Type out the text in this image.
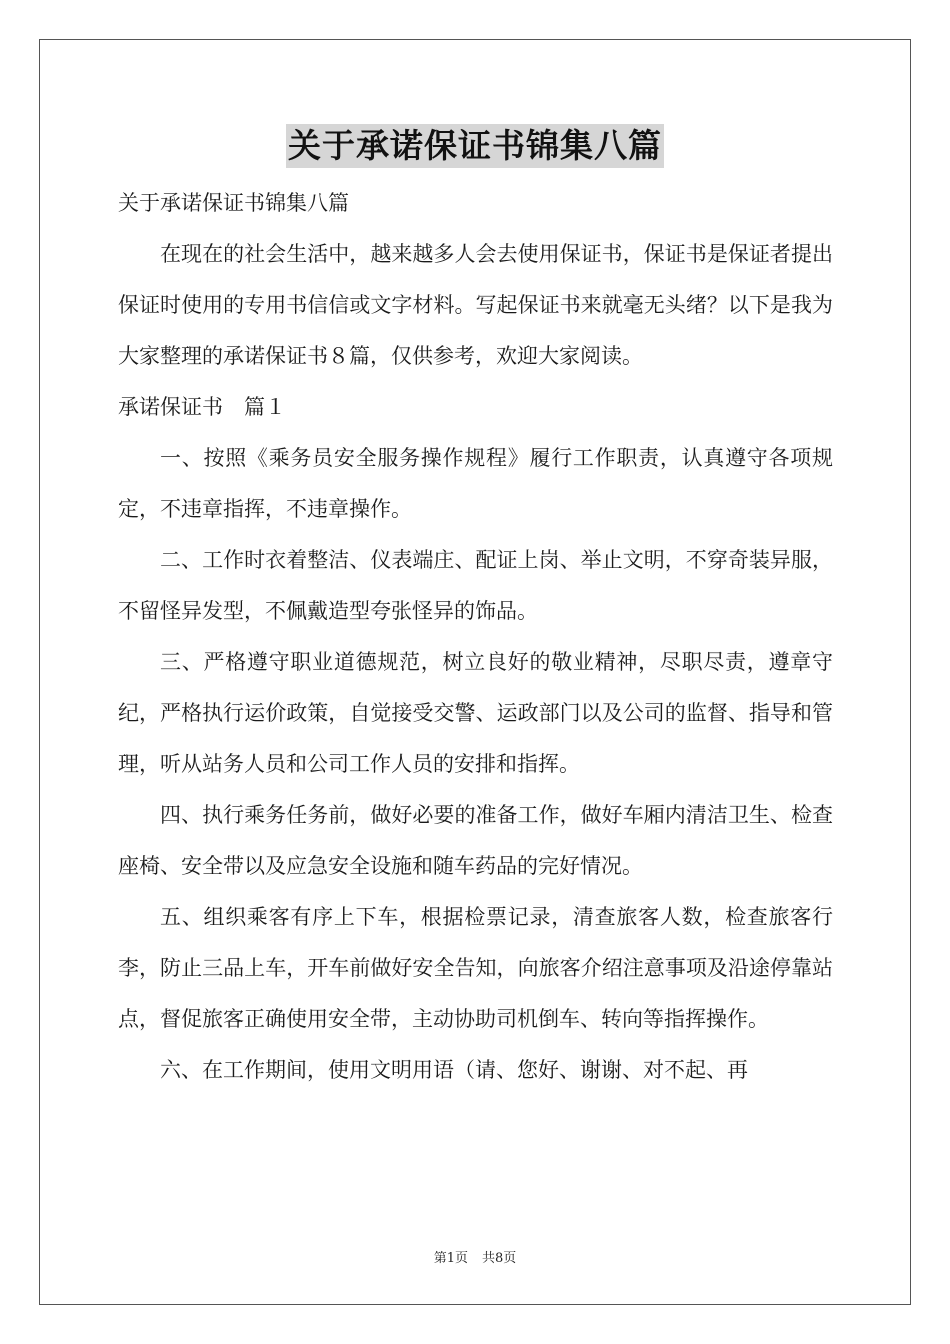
关于承诺保证书锦集八篇

关于承诺保证书锦集八篇

在现在的社会生活中，越来越多人会去使用保证书，保证书是保证者提出保证时使用的专用书信信或文字材料。写起保证书来就毫无头绪？以下是我为大家整理的承诺保证书８篇，仅供参考，欢迎大家阅读。

承诺保证书　篇１

一、按照《乘务员安全服务操作规程》履行工作职责，认真遵守各项规定，不违章指挥，不违章操作。

二、工作时衣着整洁、仪表端庄、配证上岗、举止文明，不穿奇装异服，不留怪异发型，不佩戴造型夸张怪异的饰品。

三、严格遵守职业道德规范，树立良好的敬业精神，尽职尽责，遵章守纪，严格执行运价政策，自觉接受交警、运政部门以及公司的监督、指导和管理，听从站务人员和公司工作人员的安排和指挥。

四、执行乘务任务前，做好必要的准备工作，做好车厢内清洁卫生、检查座椅、安全带以及应急安全设施和随车药品的完好情况。

五、组织乘客有序上下车，根据检票记录，清查旅客人数，检查旅客行李，防止三品上车，开车前做好安全告知，向旅客介绍注意事项及沿途停靠站点，督促旅客正确使用安全带，主动协助司机倒车、转向等指挥操作。

六、在工作期间，使用文明用语（请、您好、谢谢、对不起、再

第1页 共8页
